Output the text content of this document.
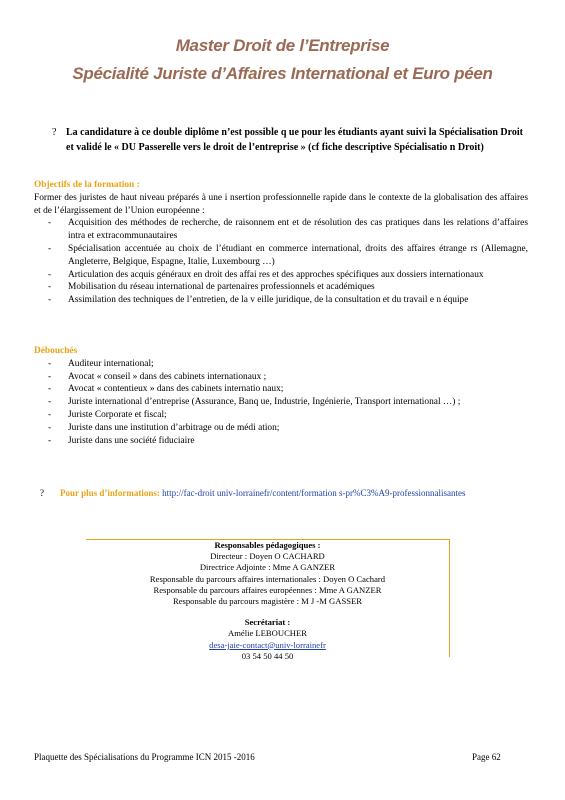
Master Droit de l’Entreprise
Spécialité Juriste d’Affaires International et Euro péen
? La candidature à ce double diplôme n’est possible q ue pour les étudiants ayant suivi la Spécialisation Droit et validé le « DU Passerelle vers le droit de l’entreprise » (cf fiche descriptive Spécialisatio n Droit)
Objectifs de la formation :
Former des juristes de haut niveau préparés à une i nsertion professionnelle rapide dans le contexte de la globalisation des affaires et de l’élargissement de l’Union européenne :
- Acquisition des méthodes de recherche, de raisonnem ent et de résolution des cas pratiques dans les relations d’affaires intra et extracommunautaires
- Spécialisation accentuée au choix de l’étudiant en commerce international, droits des affaires étrange rs (Allemagne, Angleterre, Belgique, Espagne, Italie, Luxembourg …)
- Articulation des acquis généraux en droit des affai res et des approches spécifiques aux dossiers internationaux
- Mobilisation du réseau international de partenaires professionnels et académiques
- Assimilation des techniques de l’entretien, de la v eille juridique, de la consultation et du travail e n équipe
Débouchés
- Auditeur international;
- Avocat « conseil » dans des cabinets internationaux ;
- Avocat « contentieux » dans des cabinets internatio naux;
- Juriste international d’entreprise (Assurance, Banq ue, Industrie, Ingénierie, Transport international …) ;
- Juriste Corporate et fiscal;
- Juriste dans une institution d’arbitrage ou de médi ation;
- Juriste dans une société fiduciaire
? Pour plus d’informations: http://fac-droit univ-lorrainefr/content/formation s-pr%C3%A9-professionnalisantes
Responsables pédagogiques :
Directeur : Doyen O CACHARD
Directrice Adjointe : Mme A GANZER
Responsable du parcours affaires internationales : Doyen O Cachard
Responsable du parcours affaires européennes : Mme A GANZER
Responsable du parcours magistère : M J -M GASSER
Secrétariat :
Amélie LEBOUCHER
desa-jaie-contact@univ-lorrainefr
03 54 50 44 50
Plaquette des Spécialisations du Programme ICN 2015 -2016	Page 62
